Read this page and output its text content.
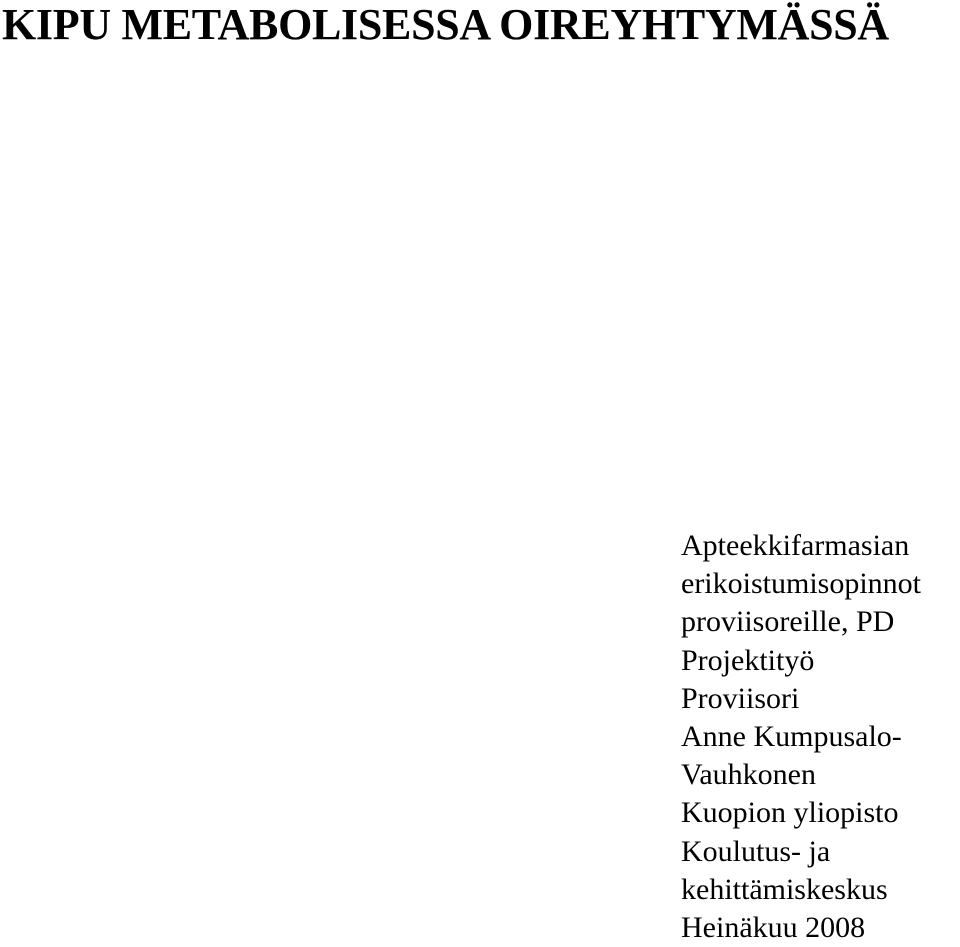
KIPU METABOLISESSA OIREYHTYMÄSSÄ
Apteekkifarmasian
erikoistumisopinnot
proviisoreille, PD
Projektityö
Proviisori
Anne Kumpusalo-
Vauhkonen
Kuopion yliopisto
Koulutus- ja
kehittämiskeskus
Heinäkuu 2008
